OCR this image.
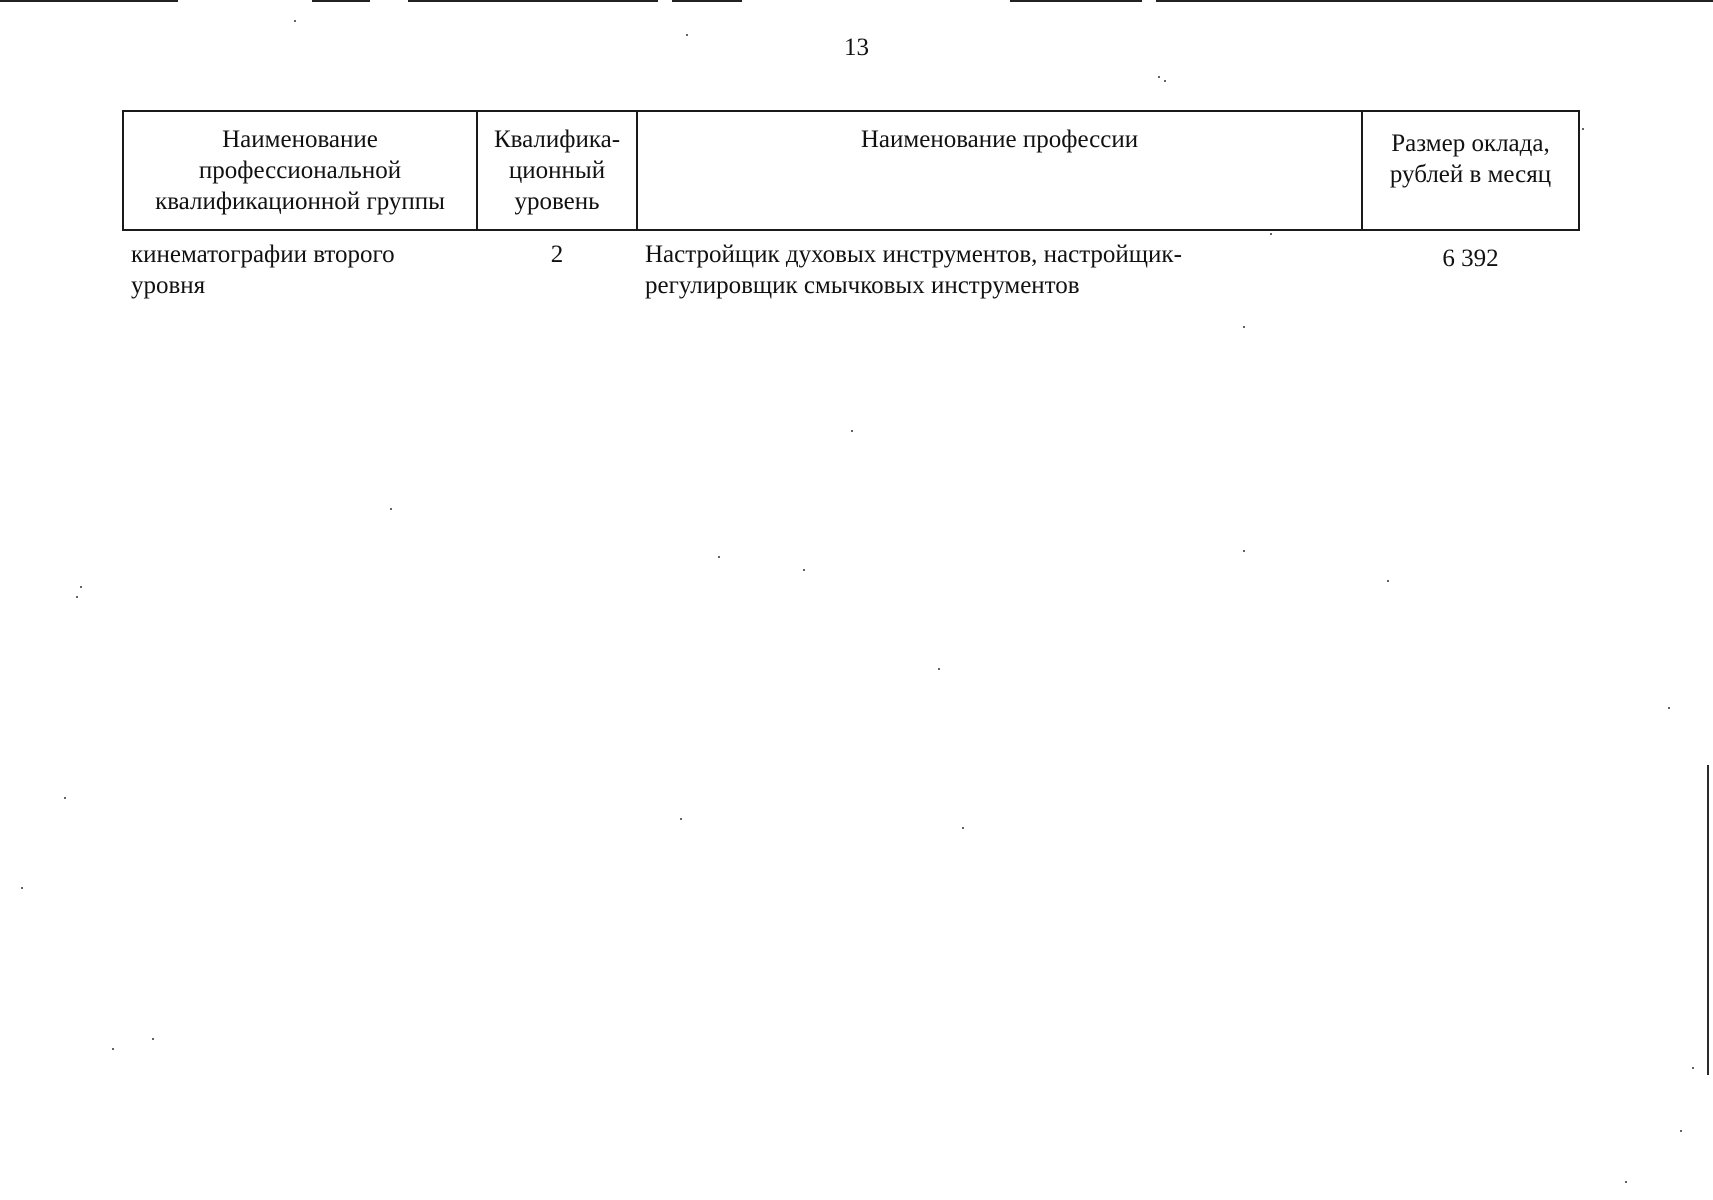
13
Наименование профессиональной квалификационной группы	Квалифика-ционный уровень	Наименование профессии	Размер оклада, рублей в месяц
кинематографии второго уровня	2	Настройщик духовых инструментов, настройщик-регулировщик смычковых инструментов	6 392
